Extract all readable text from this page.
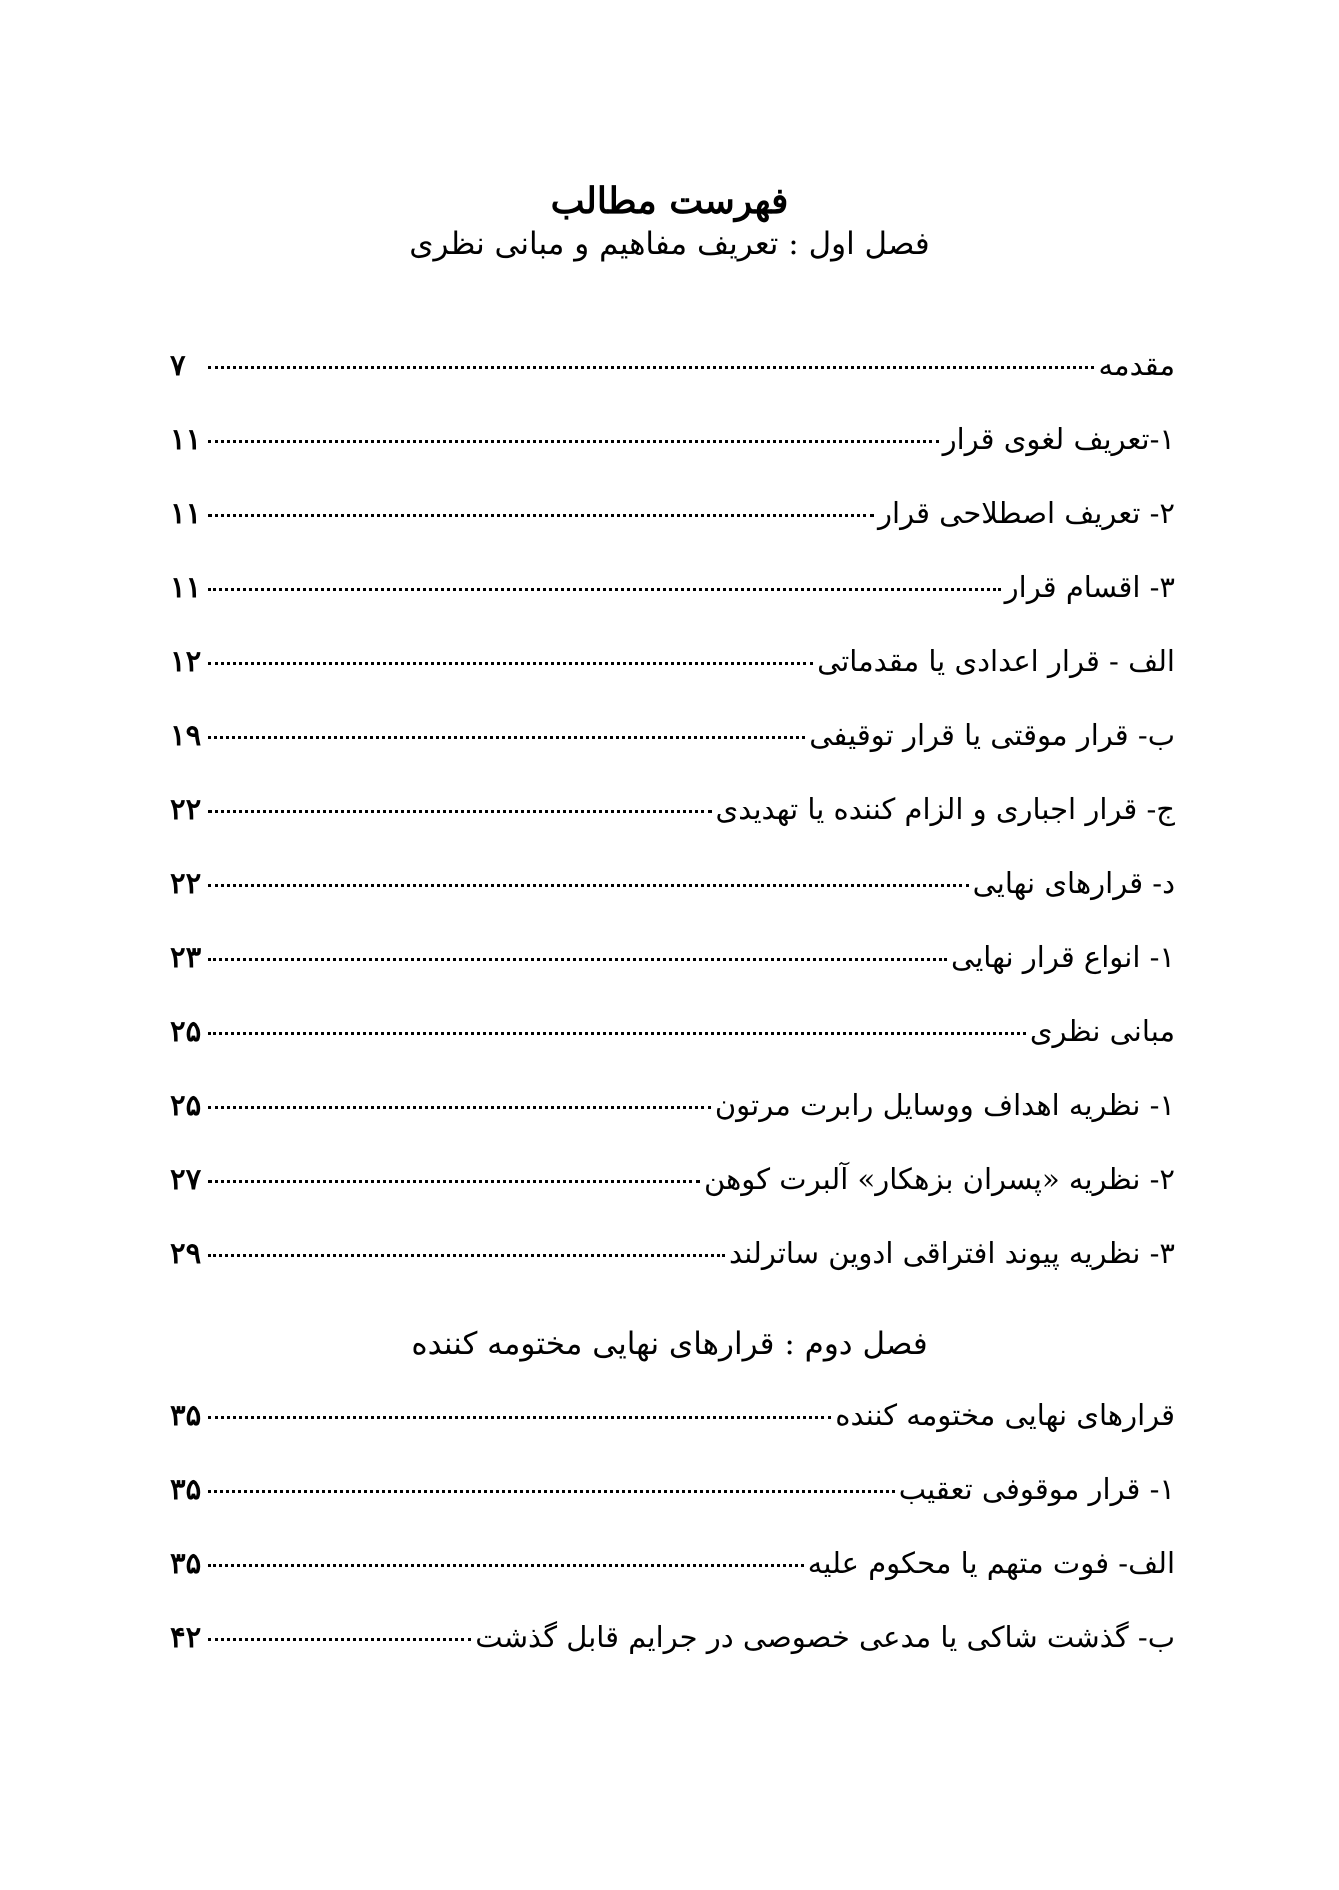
فهرست مطالب
فصل اول : تعریف مفاهیم و مبانی نظری
مقدمه
۷
۱-تعریف لغوی قرار
۱۱
۲- تعریف اصطلاحی قرار
۱۱
۳- اقسام قرار
۱۱
الف - قرار اعدادی یا مقدماتی
۱۲
ب- قرار موقتی یا قرار توقیفی
۱۹
ج- قرار اجباری و الزام کننده یا تهدیدی
۲۲
د- قرارهای نهایی
۲۲
۱- انواع قرار نهایی
۲۳
مبانی نظری
۲۵
۱- نظریه اهداف ووسایل رابرت مرتون
۲۵
۲- نظریه «پسران بزهکار» آلبرت کوهن
۲۷
۳- نظریه پیوند افتراقی ادوین ساترلند
۲۹
فصل دوم : قرارهای نهایی مختومه کننده
قرارهای نهایی مختومه کننده
۳۵
۱- قرار موقوفی تعقیب
۳۵
الف- فوت متهم یا محکوم علیه
۳۵
ب- گذشت شاکی یا مدعی خصوصی در جرایم قابل گذشت
۴۲
